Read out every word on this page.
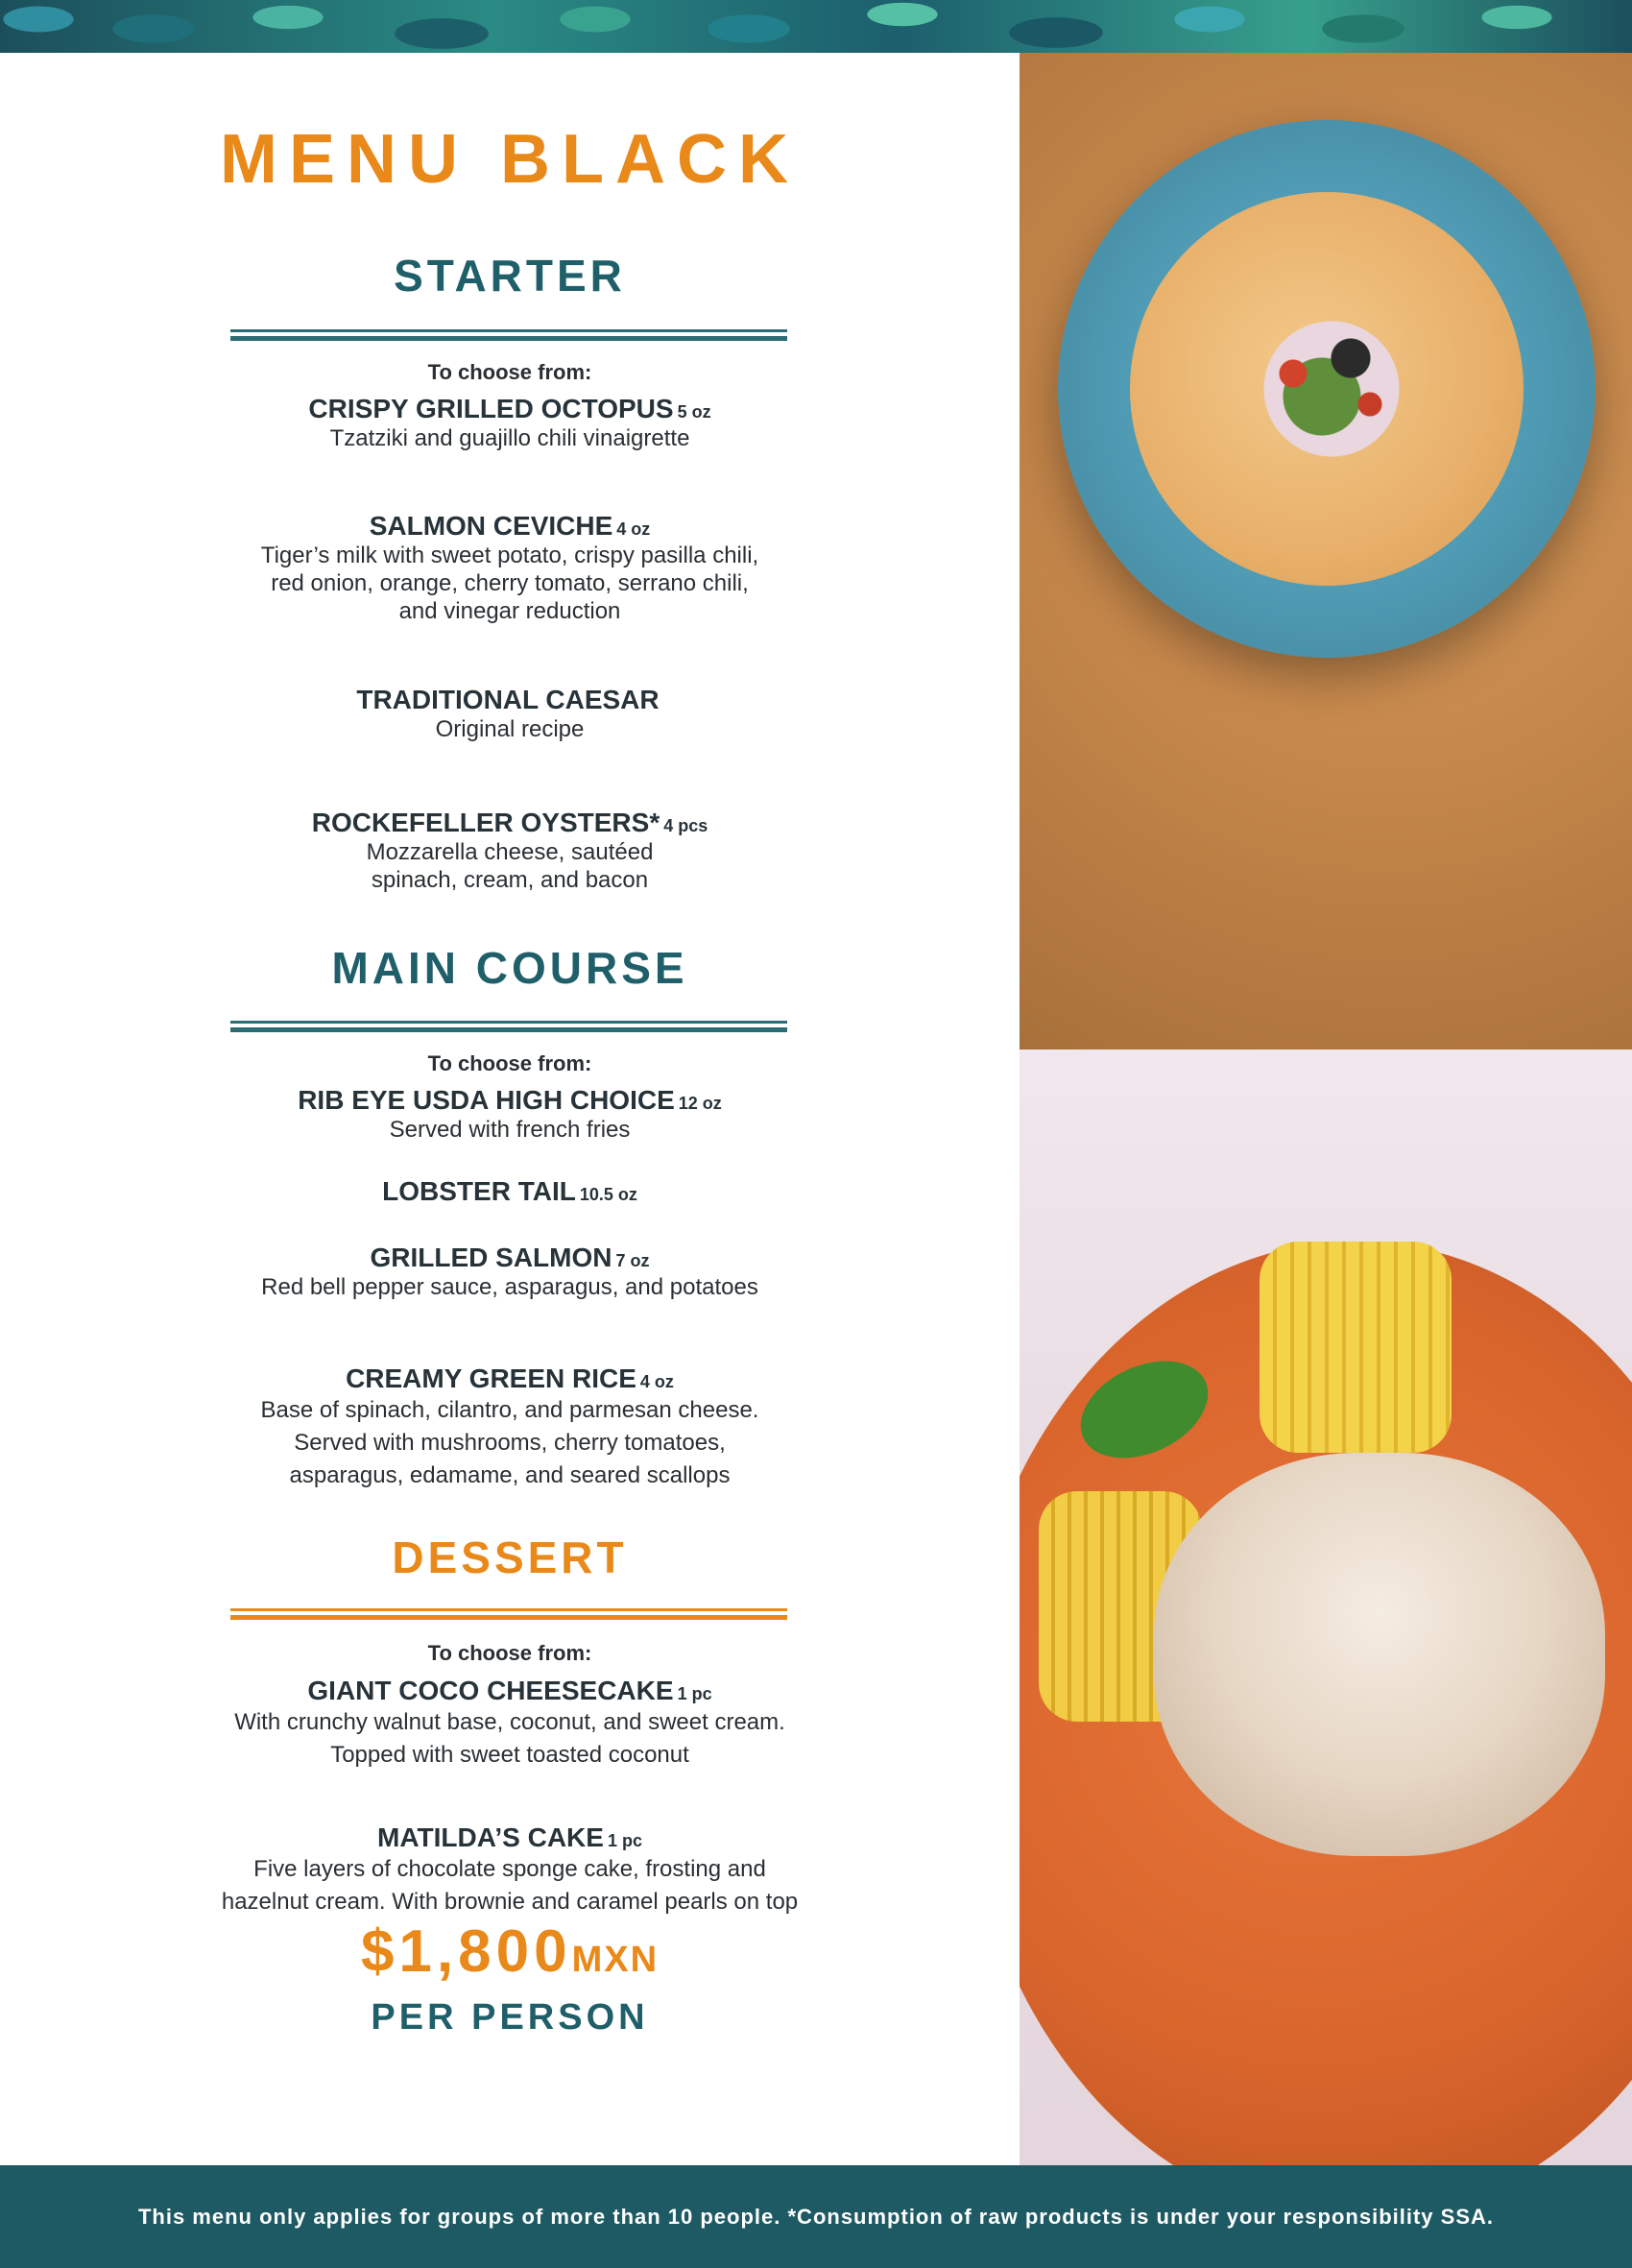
MENU BLACK
STARTER
To choose from:
CRISPY GRILLED OCTOPUS 5 oz
Tzatziki and guajillo chili vinaigrette
SALMON CEVICHE 4 oz
Tiger’s milk with sweet potato, crispy pasilla chili,
red onion, orange, cherry tomato, serrano chili,
and vinegar reduction
TRADITIONAL CAESAR
Original recipe
ROCKEFELLER OYSTERS* 4 pcs
Mozzarella cheese, sautéed
spinach, cream, and bacon
MAIN COURSE
To choose from:
RIB EYE USDA HIGH CHOICE 12 oz
Served with french fries
LOBSTER TAIL 10.5 oz
GRILLED SALMON 7 oz
Red bell pepper sauce, asparagus, and potatoes
CREAMY GREEN RICE 4 oz
Base of spinach, cilantro, and parmesan cheese.
Served with mushrooms, cherry tomatoes,
asparagus, edamame, and seared scallops
DESSERT
To choose from:
GIANT COCO CHEESECAKE 1 pc
With crunchy walnut base, coconut, and sweet cream.
Topped with sweet toasted coconut
MATILDA’S CAKE 1 pc
Five layers of chocolate sponge cake, frosting and
hazelnut cream. With brownie and caramel pearls on top
$1,800MXN
PER PERSON
This menu only applies for groups of more than 10 people. *Consumption of raw products is under your responsibility SSA.
